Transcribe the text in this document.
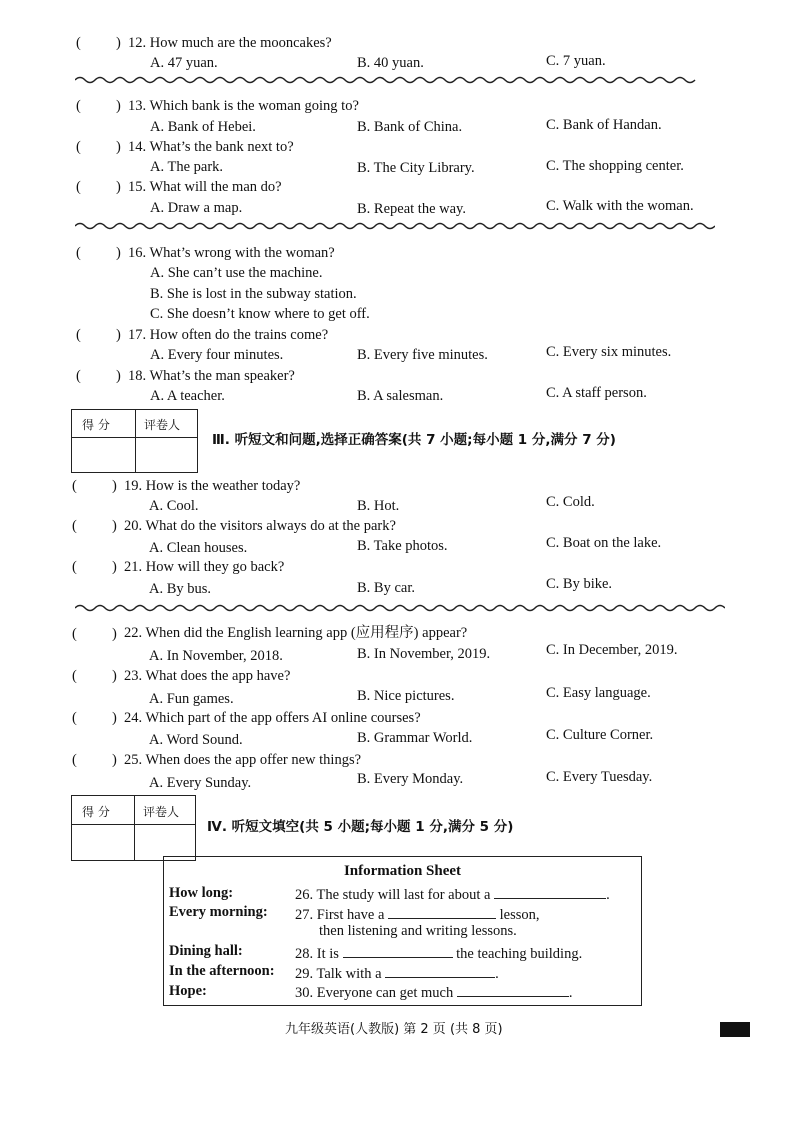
( ) 12. How much are the mooncakes?
A. 47 yuan.	B. 40 yuan.	C. 7 yuan.
( ) 13. Which bank is the woman going to?
A. Bank of Hebei.	B. Bank of China.	C. Bank of Handan.
( ) 14. What’s the bank next to?
A. The park.	B. The City Library.	C. The shopping center.
( ) 15. What will the man do?
A. Draw a map.	B. Repeat the way.	C. Walk with the woman.
( ) 16. What’s wrong with the woman?
A. She can’t use the machine.
B. She is lost in the subway station.
C. She doesn’t know where to get off.
( ) 17. How often do the trains come?
A. Every four minutes.	B. Every five minutes.	C. Every six minutes.
( ) 18. What’s the man speaker?
A. A teacher.	B. A salesman.	C. A staff person.
得 分	评卷人
Ⅲ. 听短文和问题,选择正确答案(共 7 小题;每小题 1 分,满分 7 分)
( ) 19. How is the weather today?
A. Cool.	B. Hot.	C. Cold.
( ) 20. What do the visitors always do at the park?
A. Clean houses.	B. Take photos.	C. Boat on the lake.
( ) 21. How will they go back?
A. By bus.	B. By car.	C. By bike.
( ) 22. When did the English learning app (应用程序) appear?
A. In November, 2018.	B. In November, 2019.	C. In December, 2019.
( ) 23. What does the app have?
A. Fun games.	B. Nice pictures.	C. Easy language.
( ) 24. Which part of the app offers AI online courses?
A. Word Sound.	B. Grammar World.	C. Culture Corner.
( ) 25. When does the app offer new things?
A. Every Sunday.	B. Every Monday.	C. Every Tuesday.
得 分	评卷人
Ⅳ. 听短文填空(共 5 小题;每小题 1 分,满分 5 分)
Information Sheet
How long:	26. The study will last for about a	.
Every morning: 27. First have a	lesson,
then listening and writing lessons.
Dining hall:	28. It is	the teaching building.
In the afternoon: 29. Talk with a	.
Hope:	30. Everyone can get much	.
九年级英语(人教版) 第 2 页 (共 8 页)
